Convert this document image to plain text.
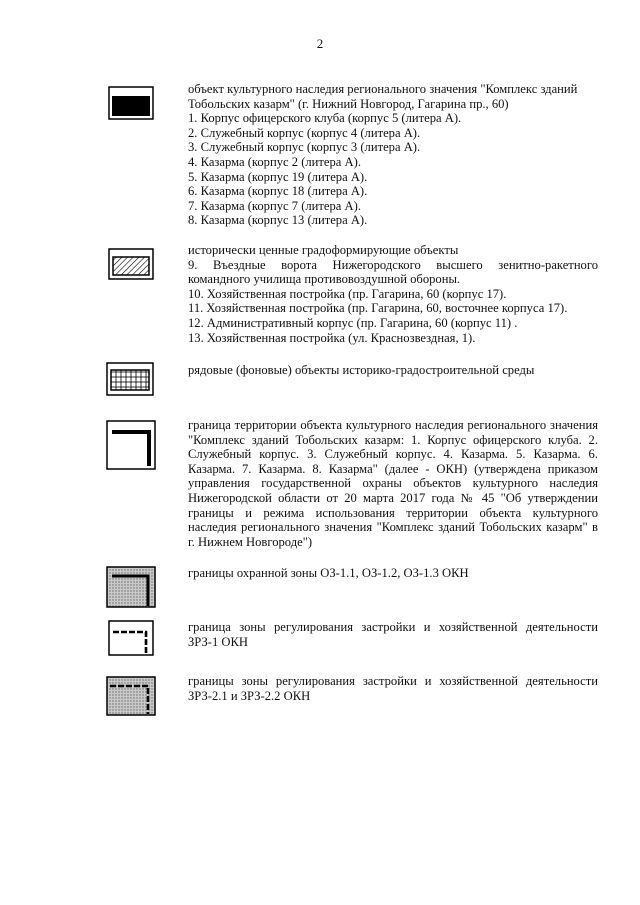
2
объект культурного наследия регионального значения "Комплекс зданий
Тобольских казарм" (г. Нижний Новгород, Гагарина пр., 60)
1. Корпус офицерского клуба (корпус 5 (литера А).
2. Служебный корпус (корпус 4 (литера А).
3. Служебный корпус (корпус 3 (литера А).
4. Казарма (корпус 2 (литера А).
5. Казарма (корпус 19 (литера А).
6. Казарма (корпус 18 (литера А).
7. Казарма (корпус 7 (литера А).
8. Казарма (корпус 13 (литера А).
исторически ценные градоформирующие объекты
9. Въездные ворота Нижегородского высшего зенитно-ракетного командного училища противовоздушной обороны.
10. Хозяйственная постройка (пр. Гагарина, 60 (корпус 17).
11. Хозяйственная постройка (пр. Гагарина, 60, восточнее корпуса 17).
12. Административный корпус (пр. Гагарина, 60 (корпус 11) .
13. Хозяйственная постройка (ул. Краснозвездная, 1).
рядовые (фоновые) объекты историко-градостроительной среды
граница территории объекта культурного наследия регионального значения "Комплекс зданий Тобольских казарм: 1. Корпус офицерского клуба. 2. Служебный корпус. 3. Служебный корпус. 4. Казарма. 5. Казарма. 6. Казарма. 7. Казарма. 8. Казарма" (далее - ОКН) (утверждена приказом управления государственной охраны объектов культурного наследия Нижегородской области от 20 марта 2017 года № 45 "Об утверждении границы и режима использования территории объекта культурного наследия регионального значения "Комплекс зданий Тобольских казарм" в г. Нижнем Новгороде")
границы охранной зоны ОЗ-1.1, ОЗ-1.2, ОЗ-1.3 ОКН
граница зоны регулирования застройки и хозяйственной деятельности ЗРЗ-1 ОКН
границы зоны регулирования застройки и хозяйственной деятельности ЗРЗ-2.1 и ЗРЗ-2.2 ОКН
